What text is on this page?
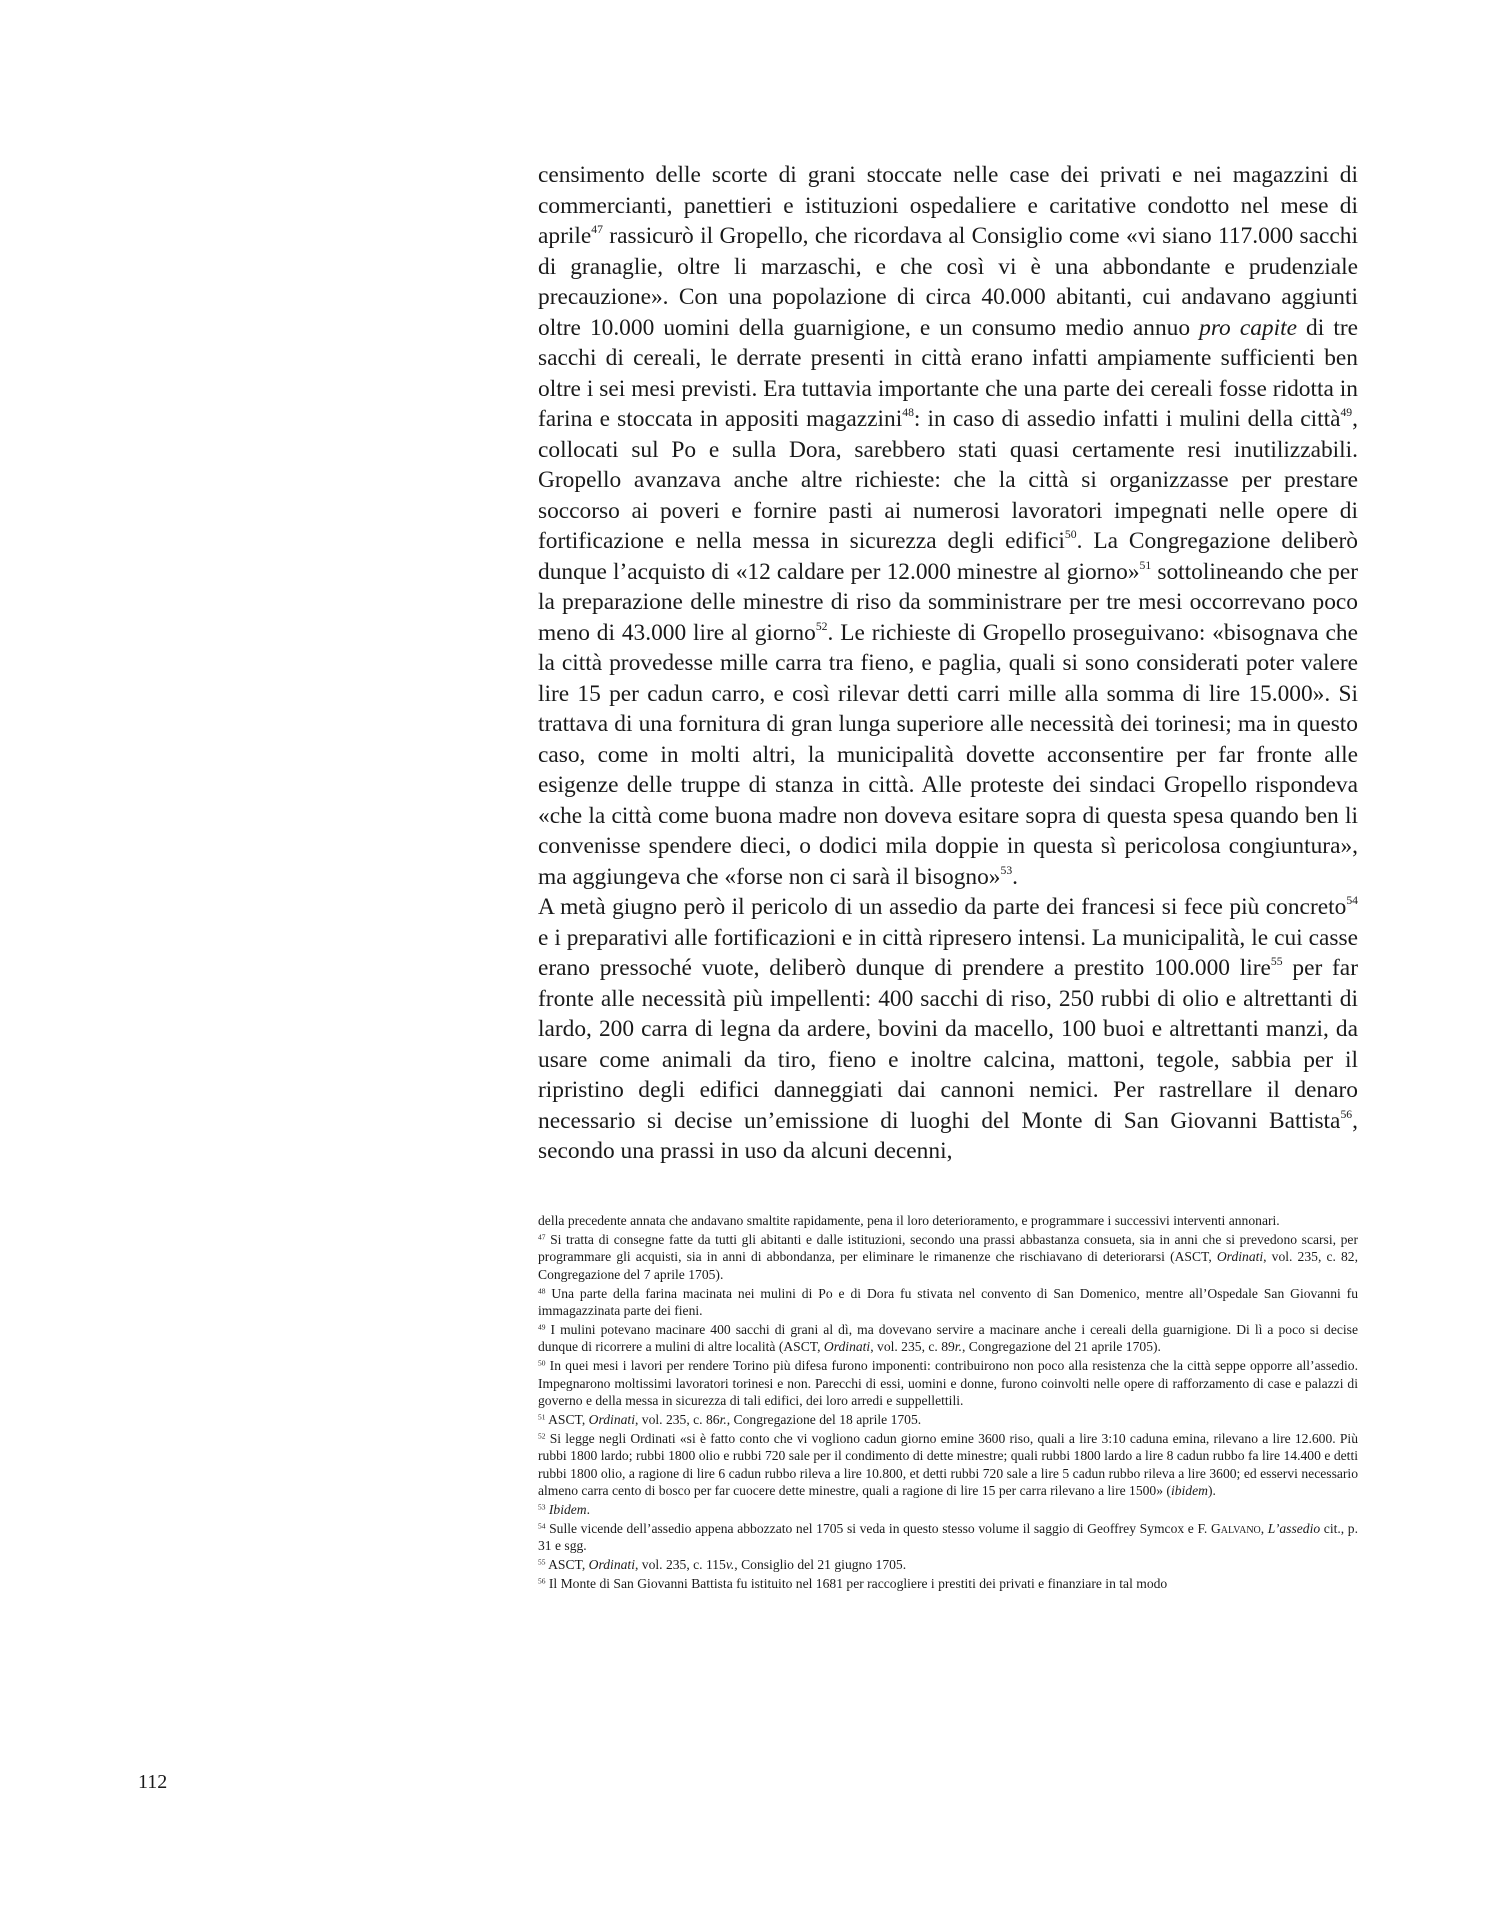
censimento delle scorte di grani stoccate nelle case dei privati e nei magazzini di commercianti, panettieri e istituzioni ospedaliere e caritative condotto nel mese di aprile$^{47}$ rassicurò il Gropello, che ricordava al Consiglio come «vi siano 117.000 sacchi di granaglie, oltre li marzaschi, e che così vi è una abbondante e prudenziale precauzione». Con una popolazione di circa 40.000 abitanti, cui andavano aggiunti oltre 10.000 uomini della guarnigione, e un consumo medio annuo pro capite di tre sacchi di cereali, le derrate presenti in città erano infatti ampiamente sufficienti ben oltre i sei mesi previsti. Era tuttavia importante che una parte dei cereali fosse ridotta in farina e stoccata in appositi magazzini$^{48}$: in caso di assedio infatti i mulini della città$^{49}$, collocati sul Po e sulla Dora, sarebbero stati quasi certamente resi inutilizzabili. Gropello avanzava anche altre richieste: che la città si organizzasse per prestare soccorso ai poveri e fornire pasti ai numerosi lavoratori impegnati nelle opere di fortificazione e nella messa in sicurezza degli edifici$^{50}$. La Congregazione deliberò dunque l’acquisto di «12 caldare per 12.000 minestre al giorno»$^{51}$ sottolineando che per la preparazione delle minestre di riso da somministrare per tre mesi occorrevano poco meno di 43.000 lire al giorno$^{52}$. Le richieste di Gropello proseguivano: «bisognava che la città provedesse mille carra tra fieno, e paglia, quali si sono considerati poter valere lire 15 per cadun carro, e così rilevar detti carri mille alla somma di lire 15.000». Si trattava di una fornitura di gran lunga superiore alle necessità dei torinesi; ma in questo caso, come in molti altri, la municipalità dovette acconsentire per far fronte alle esigenze delle truppe di stanza in città. Alle proteste dei sindaci Gropello rispondeva «che la città come buona madre non doveva esitare sopra di questa spesa quando ben li convenisse spendere dieci, o dodici mila doppie in questa sì pericolosa congiuntura», ma aggiungeva che «forse non ci sarà il bisogno»$^{53}$.

A metà giugno però il pericolo di un assedio da parte dei francesi si fece più concreto$^{54}$ e i preparativi alle fortificazioni e in città ripresero intensi. La municipalità, le cui casse erano pressoché vuote, deliberò dunque di prendere a prestito 100.000 lire$^{55}$ per far fronte alle necessità più impellenti: 400 sacchi di riso, 250 rubbi di olio e altrettanti di lardo, 200 carra di legna da ardere, bovini da macello, 100 buoi e altrettanti manzi, da usare come animali da tiro, fieno e inoltre calcina, mattoni, tegole, sabbia per il ripristino degli edifici danneggiati dai cannoni nemici. Per rastrellare il denaro necessario si decise un’emissione di luoghi del Monte di San Giovanni Battista$^{56}$, secondo una prassi in uso da alcuni decenni,

della precedente annata che andavano smaltite rapidamente, pena il loro deterioramento, e programmare i successivi interventi annonari.
$^{47}$ Si tratta di consegne fatte da tutti gli abitanti e dalle istituzioni, secondo una prassi abbastanza consueta, sia in anni che si prevedono scarsi, per programmare gli acquisti, sia in anni di abbondanza, per eliminare le rimanenze che rischiavano di deteriorarsi (ASCT, Ordinati, vol. 235, c. 82, Congregazione del 7 aprile 1705).
$^{48}$ Una parte della farina macinata nei mulini di Po e di Dora fu stivata nel convento di San Domenico, mentre all’Ospedale San Giovanni fu immagazzinata parte dei fieni.
$^{49}$ I mulini potevano macinare 400 sacchi di grani al dì, ma dovevano servire a macinare anche i cereali della guarnigione. Di lì a poco si decise dunque di ricorrere a mulini di altre località (ASCT, Ordinati, vol. 235, c. 89r., Congregazione del 21 aprile 1705).
$^{50}$ In quei mesi i lavori per rendere Torino più difesa furono imponenti: contribuirono non poco alla resistenza che la città seppe opporre all’assedio. Impegnarono moltissimi lavoratori torinesi e non. Parecchi di essi, uomini e donne, furono coinvolti nelle opere di rafforzamento di case e palazzi di governo e della messa in sicurezza di tali edifici, dei loro arredi e suppellettili.
$^{51}$ ASCT, Ordinati, vol. 235, c. 86r., Congregazione del 18 aprile 1705.
$^{52}$ Si legge negli Ordinati «si è fatto conto che vi vogliono cadun giorno emine 3600 riso, quali a lire 3:10 caduna emina, rilevano a lire 12.600. Più rubbi 1800 lardo; rubbi 1800 olio e rubbi 720 sale per il condimento di dette minestre; quali rubbi 1800 lardo a lire 8 cadun rubbo fa lire 14.400 e detti rubbi 1800 olio, a ragione di lire 6 cadun rubbo rileva a lire 10.800, et detti rubbi 720 sale a lire 5 cadun rubbo rileva a lire 3600; ed esservi necessario almeno carra cento di bosco per far cuocere dette minestre, quali a ragione di lire 15 per carra rilevano a lire 1500» (ibidem).
$^{53}$ Ibidem.
$^{54}$ Sulle vicende dell’assedio appena abbozzato nel 1705 si veda in questo stesso volume il saggio di Geoffrey Symcox e F. Galvano, L’assedio cit., p. 31 e sgg.
$^{55}$ ASCT, Ordinati, vol. 235, c. 115v., Consiglio del 21 giugno 1705.
$^{56}$ Il Monte di San Giovanni Battista fu istituito nel 1681 per raccogliere i prestiti dei privati e finanziare in tal modo
112
